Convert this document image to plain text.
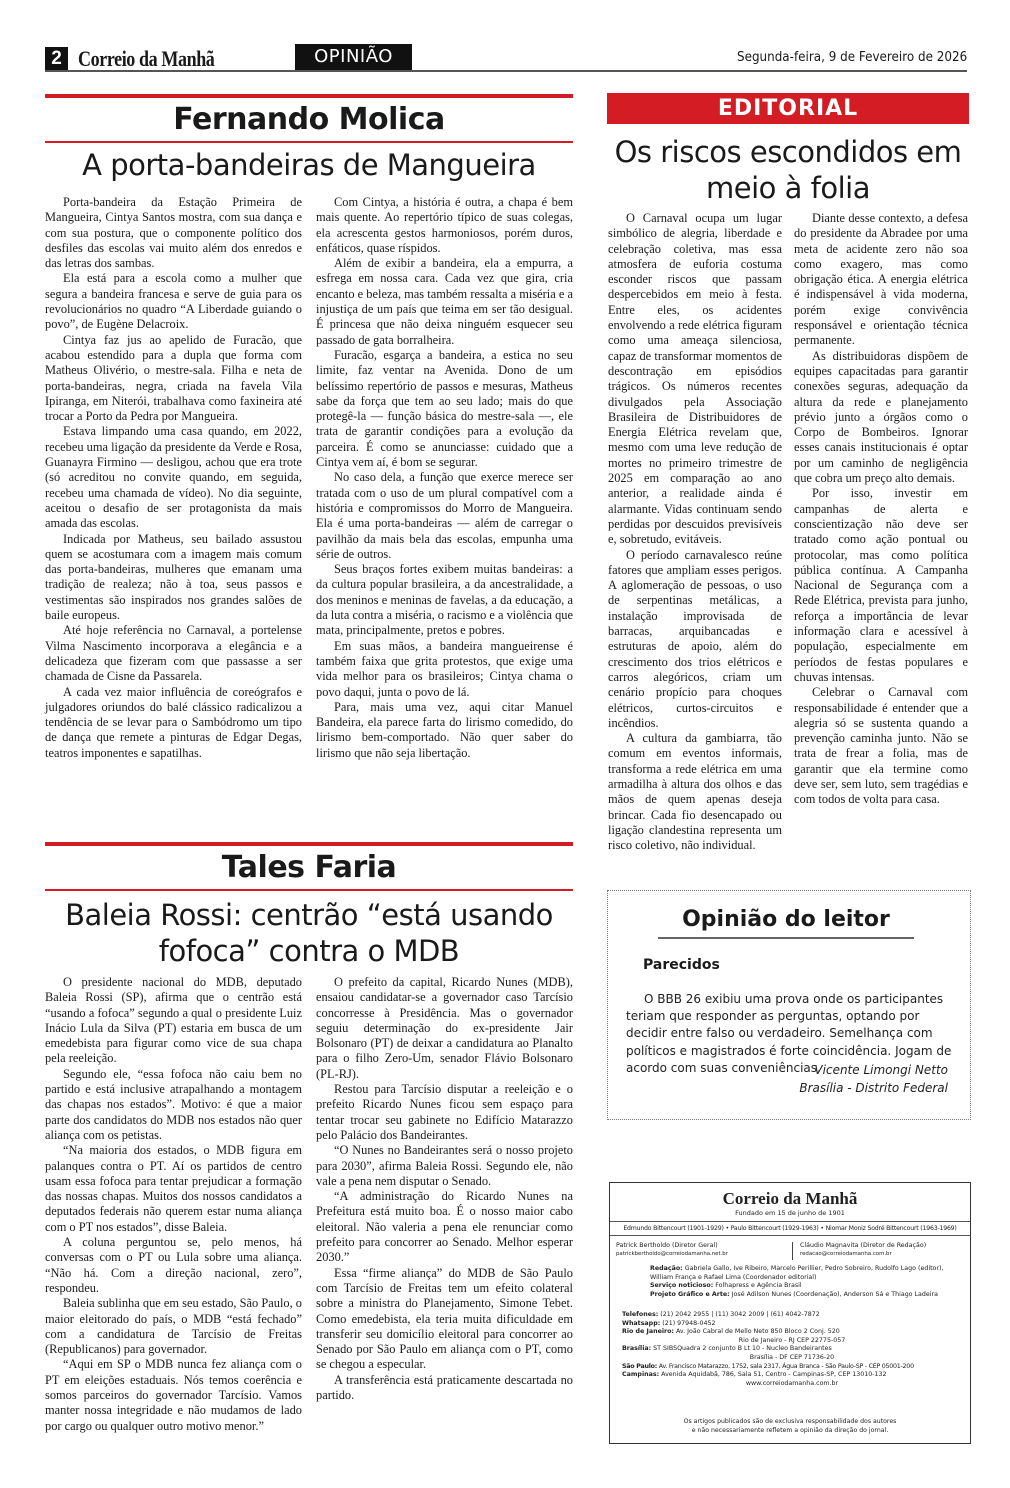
2 Correio da Manhã	OPINIÃO	Segunda-feira, 9 de Fevereiro de 2026
Fernando Molica
A porta-bandeiras de Mangueira

Porta-bandeira da Estação Primeira de Mangueira, Cintya Santos mostra, com sua dança e com sua postura, que o componente político dos desfiles das escolas vai muito além dos enredos e das letras dos sambas.

Ela está para a escola como a mulher que segura a bandeira francesa e serve de guia para os revolucionários no quadro “A Liberdade guiando o povo”, de Eugène Delacroix.

Cintya faz jus ao apelido de Furacão, que acabou estendido para a dupla que forma com Matheus Olivério, o mestre-sala. Filha e neta de porta-bandeiras, negra, criada na favela Vila Ipiranga, em Niterói, trabalhava como faxineira até trocar a Porto da Pedra por Mangueira.

Estava limpando uma casa quando, em 2022, recebeu uma ligação da presidente da Verde e Rosa, Guanayra Firmino — desligou, achou que era trote (só acreditou no convite quando, em seguida, recebeu uma chamada de vídeo). No dia seguinte, aceitou o desafio de ser protagonista da mais amada das escolas.

Indicada por Matheus, seu bailado assustou quem se acostumara com a imagem mais comum das porta-bandeiras, mulheres que emanam uma tradição de realeza; não à toa, seus passos e vestimentas são inspirados nos grandes salões de baile europeus.

Até hoje referência no Carnaval, a portelense Vilma Nascimento incorporava a elegância e a delicadeza que fizeram com que passasse a ser chamada de Cisne da Passarela.

A cada vez maior influência de coreógrafos e julgadores oriundos do balé clássico radicalizou a tendência de se levar para o Sambódromo um tipo de dança que remete a pinturas de Edgar Degas, teatros imponentes e sapatilhas.

Com Cintya, a história é outra, a chapa é bem mais quente. Ao repertório típico de suas colegas, ela acrescenta gestos harmoniosos, porém duros, enfáticos, quase ríspidos.

Além de exibir a bandeira, ela a empurra, a esfrega em nossa cara. Cada vez que gira, cria encanto e beleza, mas também ressalta a miséria e a injustiça de um país que teima em ser tão desigual. É princesa que não deixa ninguém esquecer seu passado de gata borralheira.

Furacão, esgarça a bandeira, a estica no seu limite, faz ventar na Avenida. Dono de um belíssimo repertório de passos e mesuras, Matheus sabe da força que tem ao seu lado; mais do que protegê-la — função básica do mestre-sala —, ele trata de garantir condições para a evolução da parceira. É como se anunciasse: cuidado que a Cintya vem aí, é bom se segurar.

No caso dela, a função que exerce merece ser tratada com o uso de um plural compatível com a história e compromissos do Morro de Mangueira. Ela é uma porta-bandeiras — além de carregar o pavilhão da mais bela das escolas, empunha uma série de outros.

Seus braços fortes exibem muitas bandeiras: a da cultura popular brasileira, a da ancestralidade, a dos meninos e meninas de favelas, a da educação, a da luta contra a miséria, o racismo e a violência que mata, principalmente, pretos e pobres.

Em suas mãos, a bandeira mangueirense é também faixa que grita protestos, que exige uma vida melhor para os brasileiros; Cintya chama o povo daqui, junta o povo de lá.

Para, mais uma vez, aqui citar Manuel Bandeira, ela parece farta do lirismo comedido, do lirismo bem-comportado. Não quer saber do lirismo que não seja libertação.

Tales Faria
Baleia Rossi: centrão “está usando fofoca” contra o MDB

O presidente nacional do MDB, deputado Baleia Rossi (SP), afirma que o centrão está “usando a fofoca” segundo a qual o presidente Luiz Inácio Lula da Silva (PT) estaria em busca de um emedebista para figurar como vice de sua chapa pela reeleição.

Segundo ele, “essa fofoca não caiu bem no partido e está inclusive atrapalhando a montagem das chapas nos estados”. Motivo: é que a maior parte dos candidatos do MDB nos estados não quer aliança com os petistas.

“Na maioria dos estados, o MDB figura em palanques contra o PT. Aí os partidos de centro usam essa fofoca para tentar prejudicar a formação das nossas chapas. Muitos dos nossos candidatos a deputados federais não querem estar numa aliança com o PT nos estados”, disse Baleia.

A coluna perguntou se, pelo menos, há conversas com o PT ou Lula sobre uma aliança. “Não há. Com a direção nacional, zero”, respondeu.

Baleia sublinha que em seu estado, São Paulo, o maior eleitorado do país, o MDB “está fechado” com a candidatura de Tarcísio de Freitas (Republicanos) para governador.

“Aqui em SP o MDB nunca fez aliança com o PT em eleições estaduais. Nós temos coerência e somos parceiros do governador Tarcísio. Vamos manter nossa integridade e não mudamos de lado por cargo ou qualquer outro motivo menor.”

O prefeito da capital, Ricardo Nunes (MDB), ensaiou candidatar-se a governador caso Tarcísio concorresse à Presidência. Mas o governador seguiu determinação do ex-presidente Jair Bolsonaro (PT) de deixar a candidatura ao Planalto para o filho Zero-Um, senador Flávio Bolsonaro (PL-RJ).

Restou para Tarcísio disputar a reeleição e o prefeito Ricardo Nunes ficou sem espaço para tentar trocar seu gabinete no Edifício Matarazzo pelo Palácio dos Bandeirantes.

“O Nunes no Bandeirantes será o nosso projeto para 2030”, afirma Baleia Rossi. Segundo ele, não vale a pena nem disputar o Senado.

“A administração do Ricardo Nunes na Prefeitura está muito boa. É o nosso maior cabo eleitoral. Não valeria a pena ele renunciar como prefeito para concorrer ao Senado. Melhor esperar 2030.”

Essa “firme aliança” do MDB de São Paulo com Tarcísio de Freitas tem um efeito colateral sobre a ministra do Planejamento, Simone Tebet. Como emedebista, ela teria muita dificuldade em transferir seu domicílio eleitoral para concorrer ao Senado por São Paulo em aliança com o PT, como se chegou a especular.

A transferência está praticamente descartada no partido.

EDITORIAL
Os riscos escondidos em meio à folia

O Carnaval ocupa um lugar simbólico de alegria, liberdade e celebração coletiva, mas essa atmosfera de euforia costuma esconder riscos que passam despercebidos em meio à festa. Entre eles, os acidentes envolvendo a rede elétrica figuram como uma ameaça silenciosa, capaz de transformar momentos de descontração em episódios trágicos. Os números recentes divulgados pela Associação Brasileira de Distribuidores de Energia Elétrica revelam que, mesmo com uma leve redução de mortes no primeiro trimestre de 2025 em comparação ao ano anterior, a realidade ainda é alarmante. Vidas continuam sendo perdidas por descuidos previsíveis e, sobretudo, evitáveis.

O período carnavalesco reúne fatores que ampliam esses perigos. A aglomeração de pessoas, o uso de serpentinas metálicas, a instalação improvisada de barracas, arquibancadas e estruturas de apoio, além do crescimento dos trios elétricos e carros alegóricos, criam um cenário propício para choques elétricos, curtos-circuitos e incêndios.

A cultura da gambiarra, tão comum em eventos informais, transforma a rede elétrica em uma armadilha à altura dos olhos e das mãos de quem apenas deseja brincar. Cada fio desencapado ou ligação clandestina representa um risco coletivo, não individual.

Diante desse contexto, a defesa do presidente da Abradee por uma meta de acidente zero não soa como exagero, mas como obrigação ética. A energia elétrica é indispensável à vida moderna, porém exige convivência responsável e orientação técnica permanente.

As distribuidoras dispõem de equipes capacitadas para garantir conexões seguras, adequação da altura da rede e planejamento prévio junto a órgãos como o Corpo de Bombeiros. Ignorar esses canais institucionais é optar por um caminho de negligência que cobra um preço alto demais.

Por isso, investir em campanhas de alerta e conscientização não deve ser tratado como ação pontual ou protocolar, mas como política pública contínua. A Campanha Nacional de Segurança com a Rede Elétrica, prevista para junho, reforça a importância de levar informação clara e acessível à população, especialmente em períodos de festas populares e chuvas intensas.

Celebrar o Carnaval com responsabilidade é entender que a alegria só se sustenta quando a prevenção caminha junto. Não se trata de frear a folia, mas de garantir que ela termine como deve ser, sem luto, sem tragédias e com todos de volta para casa.

Opinião do leitor
Parecidos
O BBB 26 exibiu uma prova onde os participantes teriam que responder as perguntas, optando por decidir entre falso ou verdadeiro. Semelhança com políticos e magistrados é forte coincidência. Jogam de acordo com suas conveniências.
Vicente Limongi Netto
Brasília - Distrito Federal
Correio da Manhã
Fundado em 15 de junho de 1901
Edmundo Bittencourt (1901-1929) • Paulo Bittencourt (1929-1963) • Niomar Moniz Sodré Bittencourt (1963-1969)
Patrick Bertholdo (Diretor Geral)
patrickbertholdo@correiodamanha.net.br
Cláudio Magnavita (Diretor de Redação)
redacao@correiodamanha.com.br
Redação: Gabriela Gallo, Ive Ribeiro, Marcelo Perillier, Pedro Sobreiro, Rudolfo Lago (editor), William França e Rafael Lima (Coordenador editorial)
Serviço noticioso: Folhapress e Agência Brasil
Projeto Gráfico e Arte: José Adilson Nunes (Coordenação), Anderson Sá e Thiago Ladeira
Telefones: (21) 2042 2955 | (11) 3042 2009 | (61) 4042-7872
Whatsapp: (21) 97948-0452
Rio de Janeiro: Av. João Cabral de Mello Neto 850 Bloco 2 Conj. 520
Rio de Janeiro - RJ CEP 22775-057
Brasília: ST SIBSQuadra 2 conjunto B Lt 10 - Nucleo Bandeirantes
Brasília - DF CEP 71736-20
São Paulo: Av. Francisco Matarazzo, 1752, sala 2317, Água Branca - São Paulo-SP - CEP 05001-200
Campinas: Avenida Aquidabã, 786, Sala 51, Centro - Campinas-SP, CEP 13010-132
www.correiodamanha.com.br
Os artigos publicados são de exclusiva responsabilidade dos autores
e não necessariamente refletem a opinião da direção do jornal.
